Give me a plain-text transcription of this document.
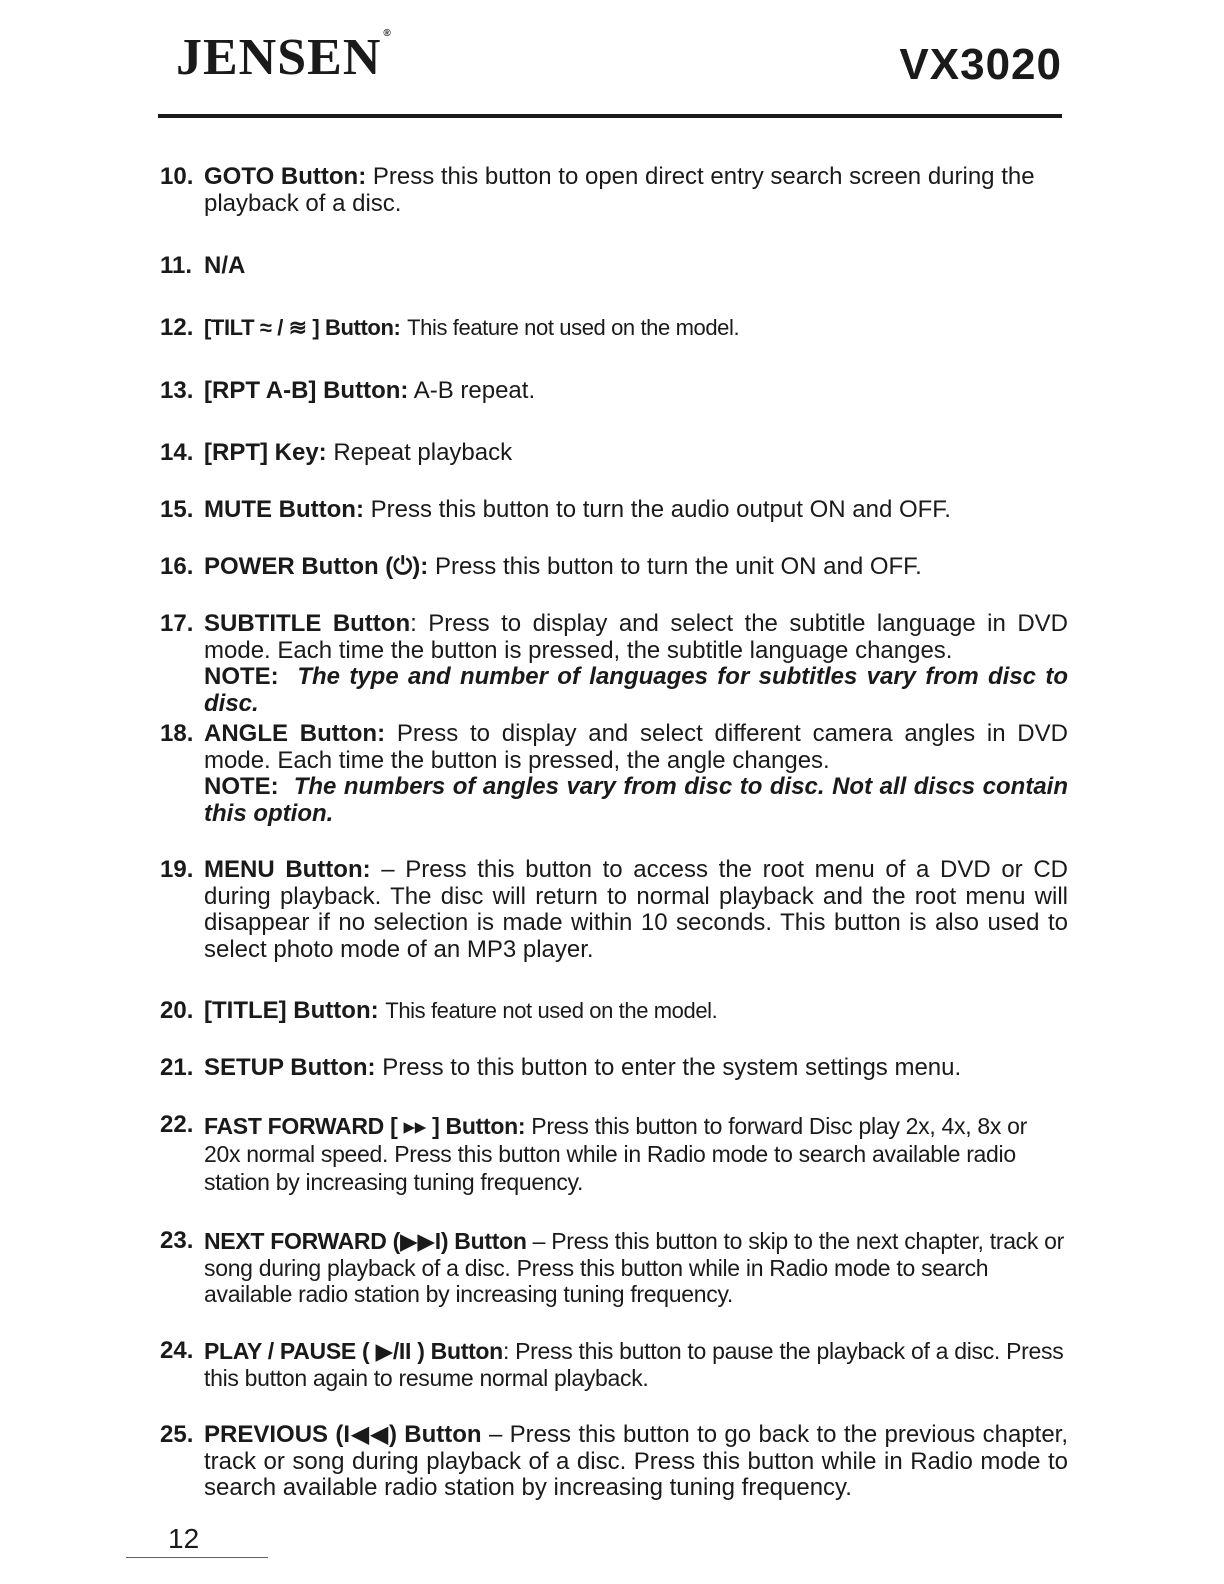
JENSEN ®
VX3020
10. GOTO Button: Press this button to open direct entry search screen during the playback of a disc.
11. N/A
12. [TILT ≈ / ≋ ] Button: This feature not used on the model.
13. [RPT A-B] Button: A-B repeat.
14. [RPT] Key: Repeat playback
15. MUTE Button: Press this button to turn the audio output ON and OFF.
16. POWER Button (⏻): Press this button to turn the unit ON and OFF.
17. SUBTITLE Button: Press to display and select the subtitle language in DVD mode. Each time the button is pressed, the subtitle language changes.
NOTE: The type and number of languages for subtitles vary from disc to disc.
18. ANGLE Button: Press to display and select different camera angles in DVD mode. Each time the button is pressed, the angle changes.
NOTE: The numbers of angles vary from disc to disc. Not all discs contain this option.
19. MENU Button: – Press this button to access the root menu of a DVD or CD during playback. The disc will return to normal playback and the root menu will disappear if no selection is made within 10 seconds. This button is also used to select photo mode of an MP3 player.
20. [TITLE] Button: This feature not used on the model.
21. SETUP Button: Press to this button to enter the system settings menu.
22. FAST FORWARD [ ▸▸ ] Button: Press this button to forward Disc play 2x, 4x, 8x or 20x normal speed. Press this button while in Radio mode to search available radio station by increasing tuning frequency.
23. NEXT FORWARD (▶▶I) Button – Press this button to skip to the next chapter, track or song during playback of a disc. Press this button while in Radio mode to search available radio station by increasing tuning frequency.
24. PLAY / PAUSE ( ▶/II ) Button: Press this button to pause the playback of a disc. Press this button again to resume normal playback.
25. PREVIOUS (I◀◀) Button – Press this button to go back to the previous chapter, track or song during playback of a disc. Press this button while in Radio mode to search available radio station by increasing tuning frequency.
12
